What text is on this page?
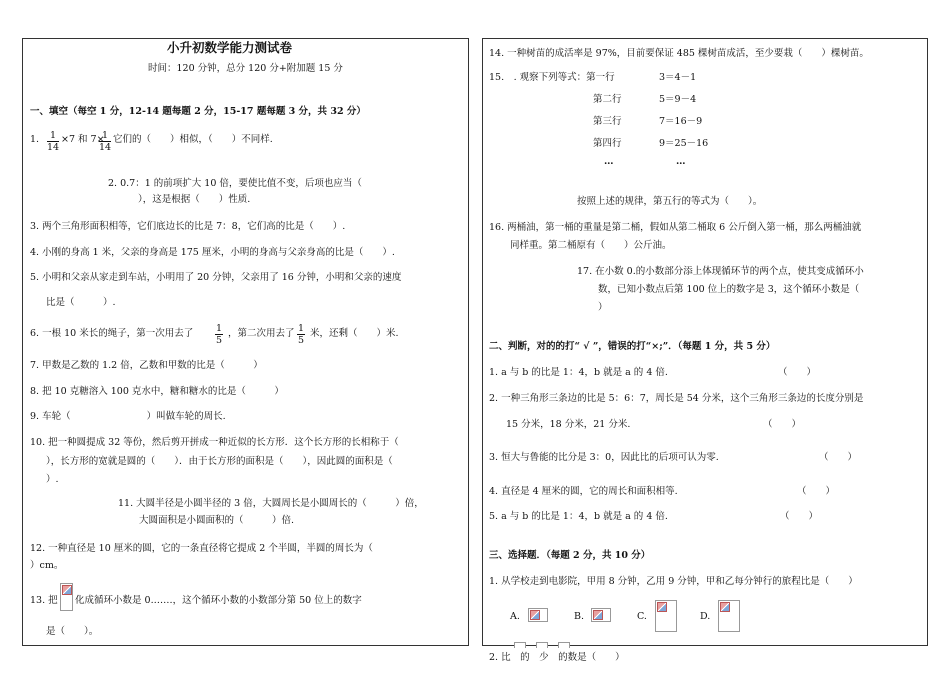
小升初数学能力测试卷
时间：120 分钟，总分 120 分+附加题 15 分
一、填空（每空 1 分，12-14 题每题 2 分，15-17 题每题 3 分，共 32 分）
1. $\frac{1}{14} \times 7$ 和 7×
$\frac{1}{14}$ 它们的（　　）相似，（　　）不同样.
2. 0.7：1 的前项扩大 10 倍，要使比值不变，后项也应当（
），这是根据（　　）性质.
3. 两个三角形面积相等，它们底边长的比是 7：8，它们高的比是（　　）.
4. 小刚的身高 1 米，父亲的身高是 175 厘米，小明的身高与父亲身高的比是（　　）.
5. 小明和父亲从家走到车站，小明用了 20 分钟，父亲用了 16 分钟，小明和父亲的速度
比是（　　　）.
6. 一根 10 米长的绳子，第一次用去了 $\frac{1}{5}$ ，第二次用去了 $\frac{1}{5}$ 米，还剩（　　）米.
7. 甲数是乙数的 1.2 倍，乙数和甲数的比是（　　　）
8. 把 10 克糖溶入 100 克水中，糖和糖水的比是（　　　）
9. 车轮（　　　　　　　　）叫做车轮的周长.
10. 把一种圆提成 32 等份，然后剪开拼成一种近似的长方形．这个长方形的长相称于（
），长方形的宽就是圆的（　　）．由于长方形的面积是（　　），因此圆的面积是（
）.
11. 大圆半径是小圆半径的 3 倍，大圆周长是小圆周长的（　　　）倍，
大圆面积是小圆面积的（　　　）倍.
12. 一种直径是 10 厘米的圆，它的一条直径将它提成 2 个半圆，半圆的周长为（
）cm。
13. 把 化成循环小数是 0.……，这个循环小数的小数部分第 50 位上的数字
是（　　）。
14. 一种树苗的成活率是 97%，目前要保证 485 棵树苗成活，至少要栽（　　）棵树苗。
15.　. 观察下列等式：第一行	3＝4－1
第二行	5＝9－4
第三行	7＝16－9
第四行	9＝25－16
…	…
按照上述的规律，第五行的等式为（　　）。
16. 两桶油，第一桶的重量是第二桶，假如从第二桶取 6 公斤倒入第一桶，那么两桶油就
同样重。第二桶原有（　　）公斤油。
17. 在小数 0.的小数部分添上体现循环节的两个点，使其变成循环小
数，已知小数点后第 100 位上的数字是 3，这个循环小数是（
）
二、判断，对的的打“ √ ”，错误的打“×;”．（每题 1 分，共 5 分）
1. a 与 b 的比是 1：4，b 就是 a 的 4 倍.	（　　）
2. 一种三角形三条边的比是 5：6：7，周长是 54 分米，这个三角形三条边的长度分别是
15 分米，18 分米，21 分米.	（　　）
3. 恒大与鲁能的比分是 3：0，因此比的后项可认为零.	（　　）
4. 直径是 4 厘米的圆，它的周长和面积相等.	（　　）
5. a 与 b 的比是 1：4，b 就是 a 的 4 倍.	（　　）
三、选择题．（每题 2 分，共 10 分）
1. 从学校走到电影院，甲用 8 分钟，乙用 9 分钟，甲和乙每分钟行的旅程比是（　　）
A.	B.	C.	D.
2. 比　的　少　的数是（　　）
